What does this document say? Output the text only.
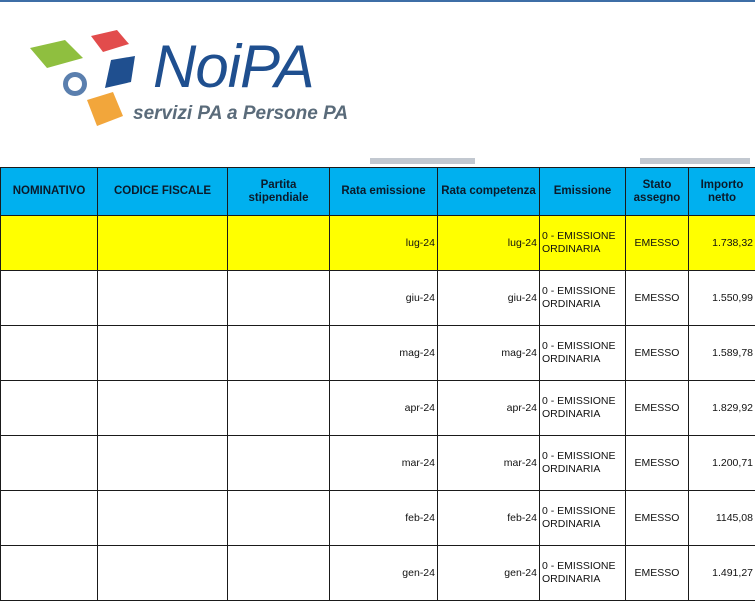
NoiPA
servizi PA a Persone PA
NOMINATIVO	CODICE FISCALE	Partita stipendiale	Rata emissione	Rata competenza	Emissione	Stato assegno	Importo netto
			lug-24	lug-24	0 - EMISSIONE ORDINARIA	EMESSO	1.738,32
			giu-24	giu-24	0 - EMISSIONE ORDINARIA	EMESSO	1.550,99
			mag-24	mag-24	0 - EMISSIONE ORDINARIA	EMESSO	1.589,78
			apr-24	apr-24	0 - EMISSIONE ORDINARIA	EMESSO	1.829,92
			mar-24	mar-24	0 - EMISSIONE ORDINARIA	EMESSO	1.200,71
			feb-24	feb-24	0 - EMISSIONE ORDINARIA	EMESSO	1145,08
			gen-24	gen-24	0 - EMISSIONE ORDINARIA	EMESSO	1.491,27
